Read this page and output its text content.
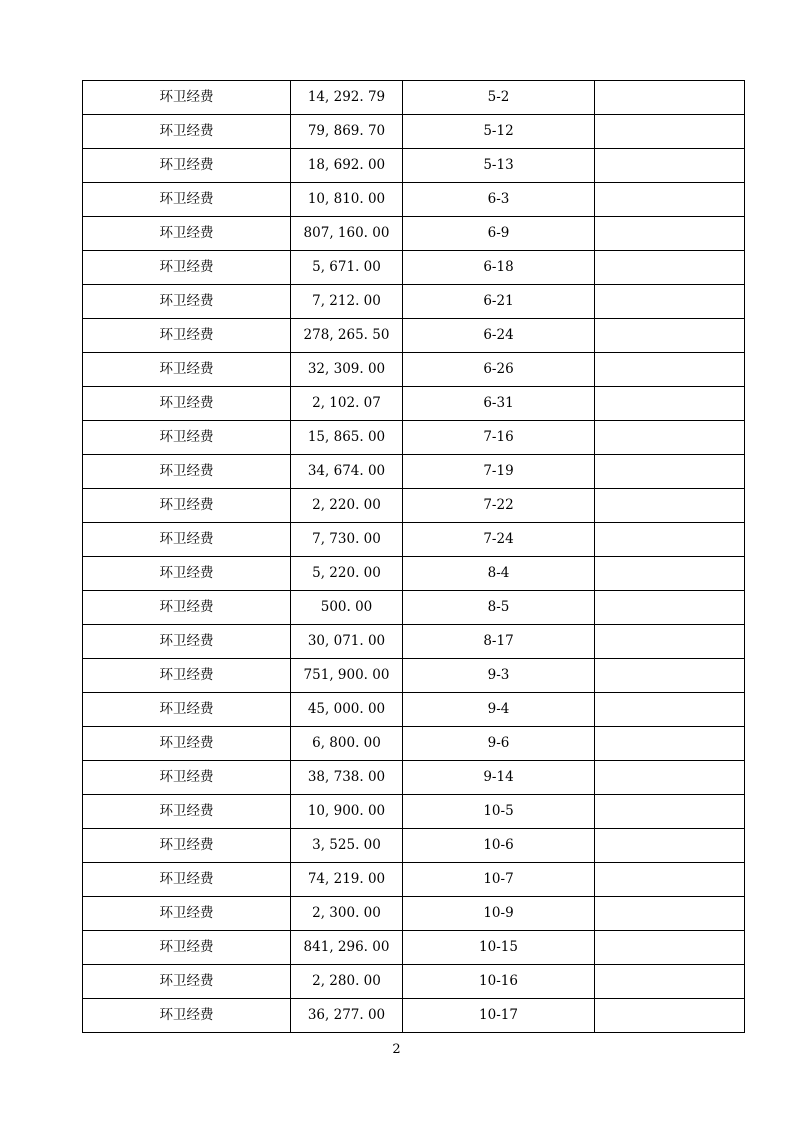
环卫经费	14, 292. 79	5-2	
环卫经费	79, 869. 70	5-12	
环卫经费	18, 692. 00	5-13	
环卫经费	10, 810. 00	6-3	
环卫经费	807, 160. 00	6-9	
环卫经费	5, 671. 00	6-18	
环卫经费	7, 212. 00	6-21	
环卫经费	278, 265. 50	6-24	
环卫经费	32, 309. 00	6-26	
环卫经费	2, 102. 07	6-31	
环卫经费	15, 865. 00	7-16	
环卫经费	34, 674. 00	7-19	
环卫经费	2, 220. 00	7-22	
环卫经费	7, 730. 00	7-24	
环卫经费	5, 220. 00	8-4	
环卫经费	500. 00	8-5	
环卫经费	30, 071. 00	8-17	
环卫经费	751, 900. 00	9-3	
环卫经费	45, 000. 00	9-4	
环卫经费	6, 800. 00	9-6	
环卫经费	38, 738. 00	9-14	
环卫经费	10, 900. 00	10-5	
环卫经费	3, 525. 00	10-6	
环卫经费	74, 219. 00	10-7	
环卫经费	2, 300. 00	10-9	
环卫经费	841, 296. 00	10-15	
环卫经费	2, 280. 00	10-16	
环卫经费	36, 277. 00	10-17	
2
